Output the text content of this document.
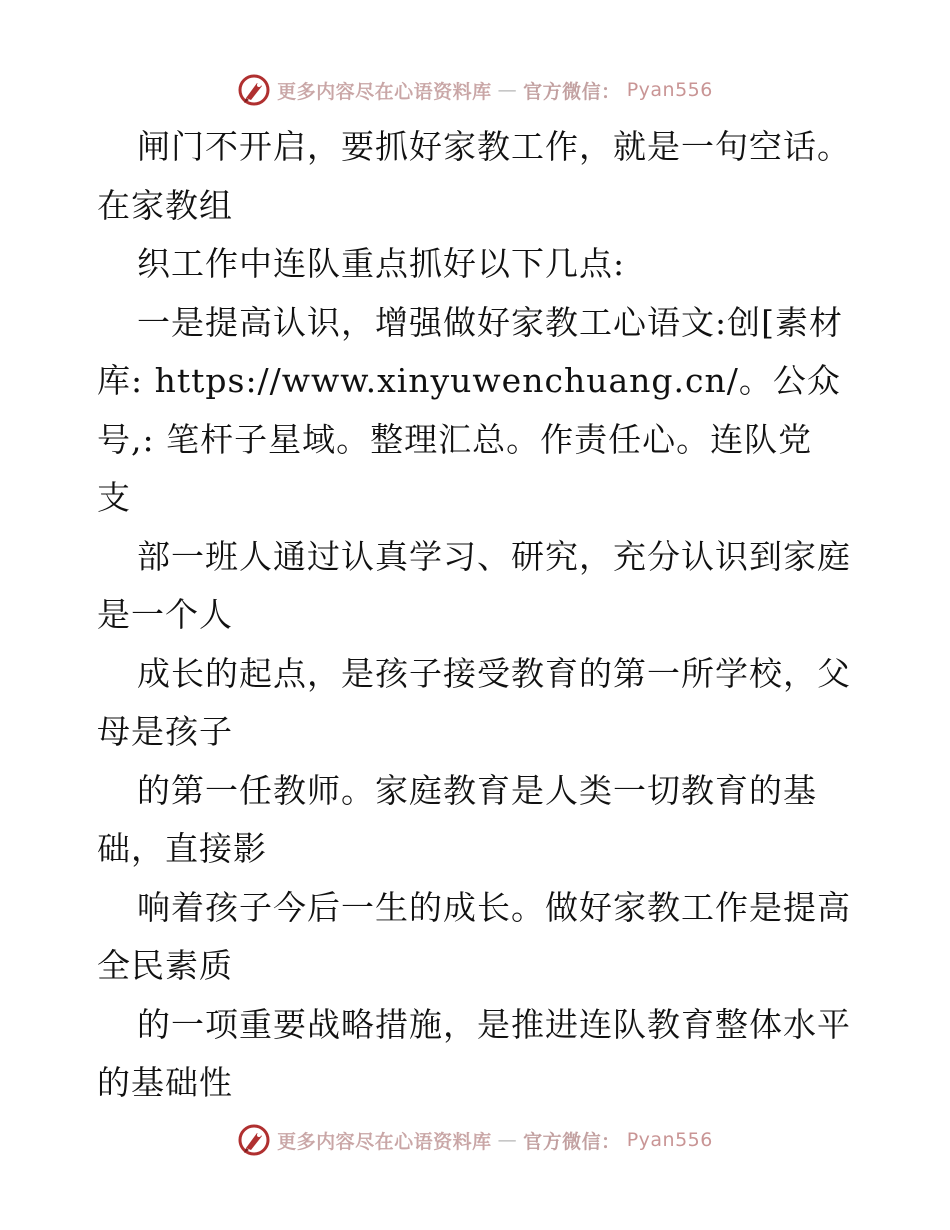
更多内容尽在心语资料库 — 官方微信： Pyan556
闸门不开启，要抓好家教工作，就是一句空话。
在家教组
织工作中连队重点抓好以下几点:
一是提高认识，增强做好家教工心语文:创[素材
库: https://www.xinyuwenchuang.cn/。公众
号,: 笔杆子星域。整理汇总。作责任心。连队党
支
部一班人通过认真学习、研究，充分认识到家庭
是一个人
成长的起点，是孩子接受教育的第一所学校，父
母是孩子
的第一任教师。家庭教育是人类一切教育的基
础，直接影
响着孩子今后一生的成长。做好家教工作是提高
全民素质
的一项重要战略措施，是推进连队教育整体水平
的基础性
更多内容尽在心语资料库 — 官方微信： Pyan556
